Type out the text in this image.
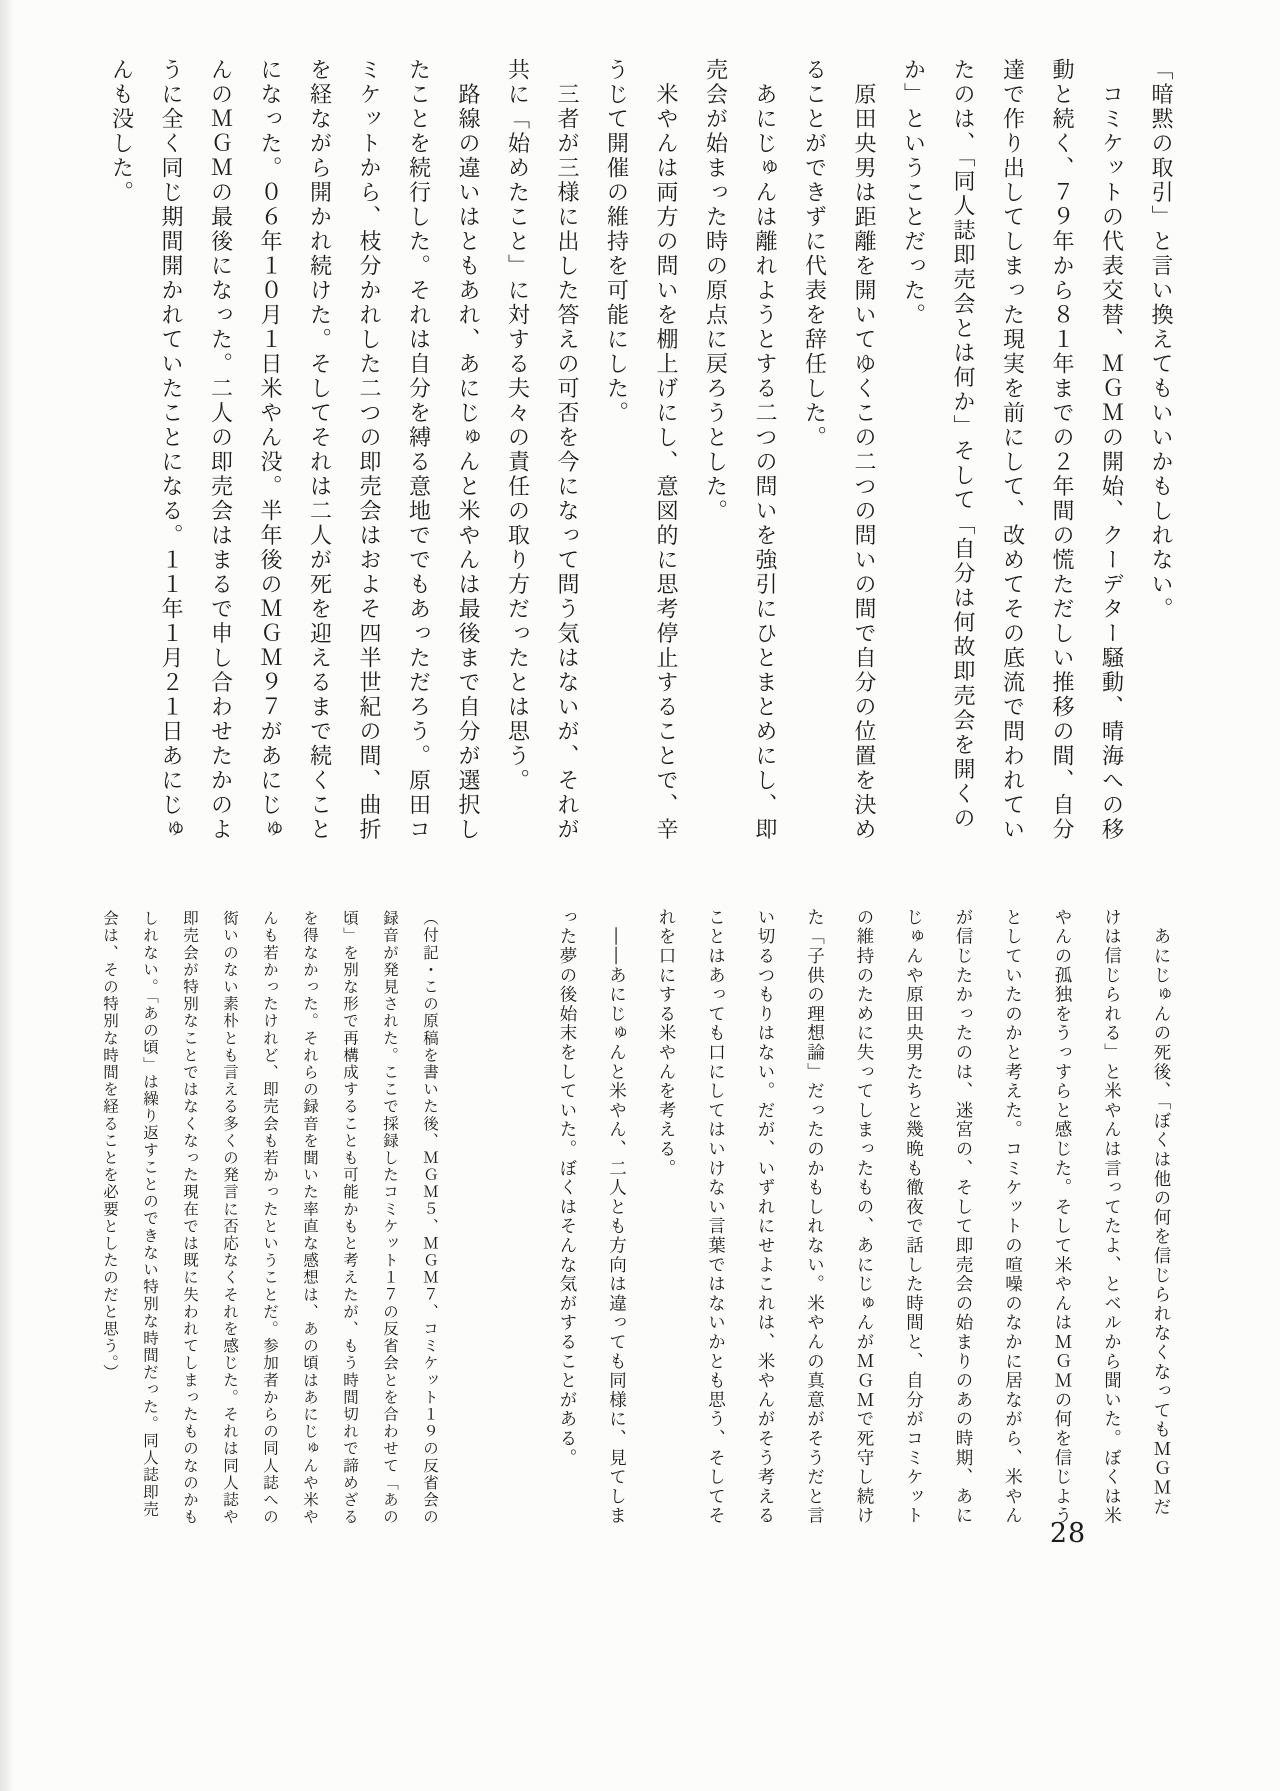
「暗黙の取引」と言い換えてもいいかもしれない。
　コミケットの代表交替、ＭＧＭの開始、クーデター騒動、晴海への移
動と続く、７９年から８１年までの２年間の慌ただしい推移の間、自分
達で作り出してしまった現実を前にして、改めてその底流で問われてい
たのは、「同人誌即売会とは何か」そして「自分は何故即売会を開くの
か」ということだった。
　原田央男は距離を開いてゆくこの二つの問いの間で自分の位置を決め
ることができずに代表を辞任した。
　あにじゅんは離れようとする二つの問いを強引にひとまとめにし、即
売会が始まった時の原点に戻ろうとした。
　米やんは両方の問いを棚上げにし、意図的に思考停止することで、辛
うじて開催の維持を可能にした。
　三者が三様に出した答えの可否を今になって問う気はないが、それが
共に「始めたこと」に対する夫々の責任の取り方だったとは思う。
　路線の違いはともあれ、あにじゅんと米やんは最後まで自分が選択し
たことを続行した。それは自分を縛る意地ででもあっただろう。原田コ
ミケットから、枝分かれした二つの即売会はおよそ四半世紀の間、曲折
を経ながら開かれ続けた。そしてそれは二人が死を迎えるまで続くこと
になった。０６年１０月１日米やん没。半年後のＭＧＭ９７があにじゅ
んのＭＧＭの最後になった。二人の即売会はまるで申し合わせたかのよ
うに全く同じ期間開かれていたことになる。１１年１月２１日あにじゅ
んも没した。
　あにじゅんの死後、「ぼくは他の何を信じられなくなってもＭＧＭだ
けは信じられる」と米やんは言ってたよ、とベルから聞いた。ぼくは米
やんの孤独をうっすらと感じた。そして米やんはＭＧＭの何を信じよう
としていたのかと考えた。コミケットの喧噪のなかに居ながら、米やん
が信じたかったのは、迷宮の、そして即売会の始まりのあの時期、あに
じゅんや原田央男たちと幾晩も徹夜で話した時間と、自分がコミケット
の維持のために失ってしまったもの、あにじゅんがＭＧＭで死守し続け
た「子供の理想論」だったのかもしれない。米やんの真意がそうだと言
い切るつもりはない。だが、いずれにせよこれは、米やんがそう考える
ことはあっても口にしてはいけない言葉ではないかとも思う、そしてそ
れを口にする米やんを考える。
　――あにじゅんと米やん、二人とも方向は違っても同様に、見てしま
った夢の後始末をしていた。ぼくはそんな気がすることがある。
（付記・この原稿を書いた後、ＭＧＭ５、ＭＧＭ７、コミケット１９の反省会の
録音が発見された。ここで採録したコミケット１７の反省会とを合わせて「あの
頃」を別な形で再構成することも可能かもと考えたが、もう時間切れで諦めざる
を得なかった。それらの録音を聞いた率直な感想は、あの頃はあにじゅんや米や
んも若かったけれど、即売会も若かったということだ。参加者からの同人誌への
衒いのない素朴とも言える多くの発言に否応なくそれを感じた。それは同人誌や
即売会が特別なことではなくなった現在では既に失われてしまったものなのかも
しれない。「あの頃」は繰り返すことのできない特別な時間だった。同人誌即売
会は、その特別な時間を経ることを必要としたのだと思う。）
28
